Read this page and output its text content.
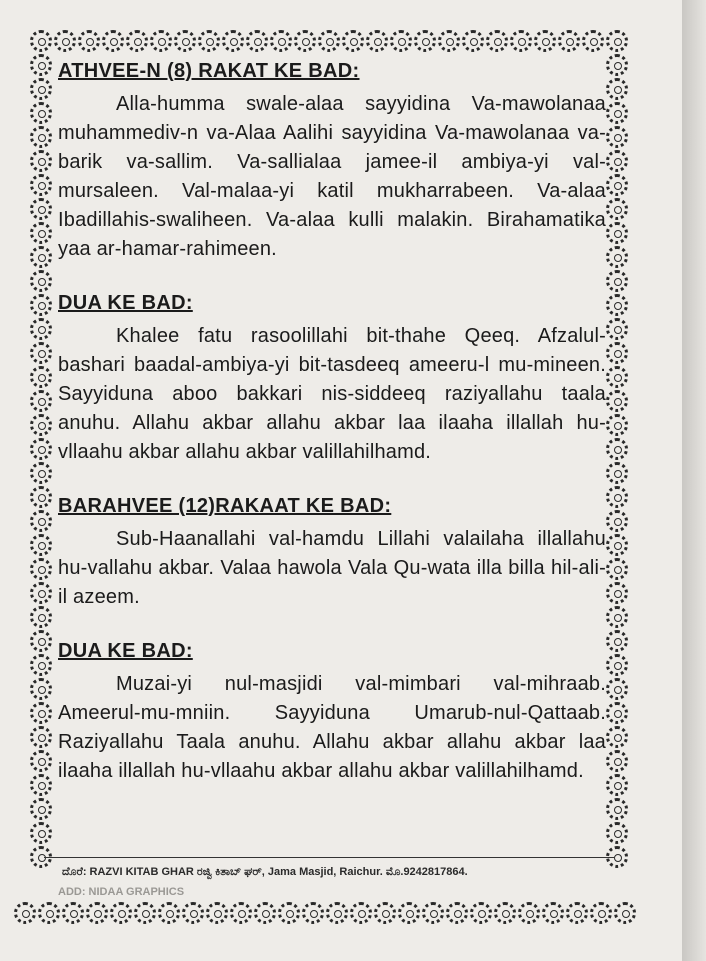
ATHVEE-N (8) RAKAT KE BAD:

Alla-humma swale-alaa sayyidina Va-mawolanaa muhammediv-n va-Alaa Aalihi sayyidina Va-mawolanaa va-barik va-sallim. Va-sallialaa jamee-il ambiya-yi val-mursaleen. Val-malaa-yi katil mukharrabeen. Va-alaa Ibadillahis-swaliheen. Va-alaa kulli malakin. Birahamatika yaa ar-hamar-rahimeen.

DUA KE BAD:

Khalee fatu rasoolillahi bit-thahe Qeeq. Afzalul-bashari baadal-ambiya-yi bit-tasdeeq ameeru-l mu-mineen. Sayyiduna aboo bakkari nis-siddeeq raziyallahu taala anuhu. Allahu akbar allahu akbar laa ilaaha illallah hu-vllaahu akbar allahu akbar valillahilhamd.

BARAHVEE (12)RAKAAT KE BAD:

Sub-Haanallahi val-hamdu Lillahi valailaha illallahu hu-vallahu akbar. Valaa hawola Vala Qu-wata illa billa hil-ali-il azeem.

DUA KE BAD:

Muzai-yi nul-masjidi val-mimbari val-mihraab. Ameerul-mu-mniin. Sayyiduna Umarub-nul-Qattaab. Raziyallahu Taala anuhu. Allahu akbar allahu akbar laa ilaaha illallah hu-vllaahu akbar allahu akbar valillahilhamd.

ದೊರೆ: RAZVI KITAB GHAR ರಜ್ವಿ ಕಿತಾಬ್ ಘರ್, Jama Masjid, Raichur. ಮೊ.9242817864.
ADD: NIDAA GRAPHICS
